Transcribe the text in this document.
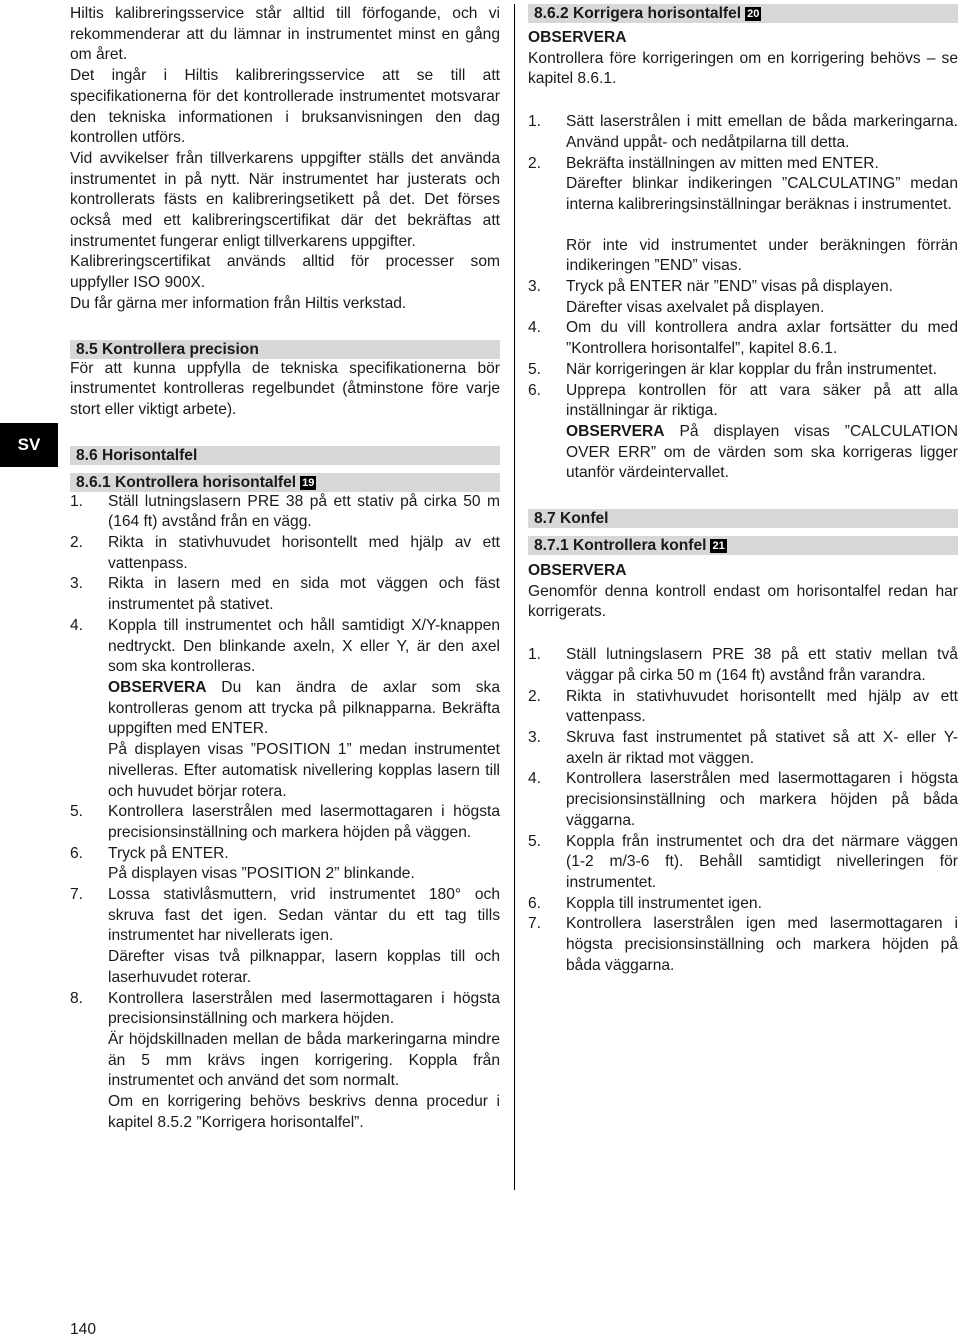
SV

Hiltis kalibreringsservice står alltid till förfogande, och vi rekommenderar att du lämnar in instrumentet minst en gång om året.

Det ingår i Hiltis kalibreringsservice att se till att specifikationerna för det kontrollerade instrumentet motsvarar den tekniska informationen i bruksanvisningen den dag kontrollen utförs.

Vid avvikelser från tillverkarens uppgifter ställs det använda instrumentet in på nytt. När instrumentet har justerats och kontrollerats fästs en kalibreringsetikett på det. Det förses också med ett kalibreringscertifikat där det bekräftas att instrumentet fungerar enligt tillverkarens uppgifter.

Kalibreringscertifikat används alltid för processer som uppfyller ISO 900X.

Du får gärna mer information från Hiltis verkstad.

8.5 Kontrollera precision

För att kunna uppfylla de tekniska specifikationerna bör instrumentet kontrolleras regelbundet (åtminstone före varje stort eller viktigt arbete).

8.6 Horisontalfel
8.6.1 Kontrollera horisontalfel 19
1.	Ställ lutningslasern PRE 38 på ett stativ på cirka 50 m (164 ft) avstånd från en vägg.

2.	Rikta in stativhuvudet horisontellt med hjälp av ett vattenpass.

3.	Rikta in lasern med en sida mot väggen och fäst instrumentet på stativet.

4.	Koppla till instrumentet och håll samtidigt X/Y-knappen nedtryckt. Den blinkande axeln, X eller Y, är den axel som ska kontrolleras.

OBSERVERA Du kan ändra de axlar som ska kontrolleras genom att trycka på pilknapparna. Bekräfta uppgiften med ENTER.

På displayen visas ”POSITION 1” medan instrumentet nivelleras. Efter automatisk nivellering kopplas lasern till och huvudet börjar rotera.

5.	Kontrollera laserstrålen med lasermottagaren i högsta precisionsinställning och markera höjden på väggen.

6.	Tryck på ENTER.

På displayen visas ”POSITION 2” blinkande.

7.	Lossa stativlåsmuttern, vrid instrumentet 180° och skruva fast det igen. Sedan väntar du ett tag tills instrumentet har nivellerats igen.

Därefter visas två pilknappar, lasern kopplas till och laserhuvudet roterar.

8.	Kontrollera laserstrålen med lasermottagaren i högsta precisionsinställning och markera höjden.

Är höjdskillnaden mellan de båda markeringarna mindre än 5 mm krävs ingen korrigering. Koppla från instrumentet och använd det som normalt.

Om en korrigering behövs beskrivs denna procedur i kapitel 8.5.2 ”Korrigera horisontalfel”.

8.6.2 Korrigera horisontalfel 20
OBSERVERA

Kontrollera före korrigeringen om en korrigering behövs – se kapitel 8.6.1.

1.	Sätt laserstrålen i mitt emellan de båda markeringarna. Använd uppåt- och nedåtpilarna till detta.

2.	Bekräfta inställningen av mitten med ENTER.

Därefter blinkar indikeringen ”CALCULATING” medan interna kalibreringsinställningar beräknas i instrumentet.

Rör inte vid instrumentet under beräkningen förrän indikeringen ”END” visas.

3.	Tryck på ENTER när ”END” visas på displayen.

Därefter visas axelvalet på displayen.

4.	Om du vill kontrollera andra axlar fortsätter du med ”Kontrollera horisontalfel”, kapitel 8.6.1.

5.	När korrigeringen är klar kopplar du från instrumentet.

6.	Upprepa kontrollen för att vara säker på att alla inställningar är riktiga.

OBSERVERA På displayen visas ”CALCULATION OVER ERR” om de värden som ska korrigeras ligger utanför värdeintervallet.

8.7 Konfel
8.7.1 Kontrollera konfel 21
OBSERVERA

Genomför denna kontroll endast om horisontalfel redan har korrigerats.

1.	Ställ lutningslasern PRE 38 på ett stativ mellan två väggar på cirka 50 m (164 ft) avstånd från varandra.

2.	Rikta in stativhuvudet horisontellt med hjälp av ett vattenpass.

3.	Skruva fast instrumentet på stativet så att X- eller Y-axeln är riktad mot väggen.

4.	Kontrollera laserstrålen med lasermottagaren i högsta precisionsinställning och markera höjden på båda väggarna.

5.	Koppla från instrumentet och dra det närmare väggen (1-2 m/3-6 ft). Behåll samtidigt nivelleringen för instrumentet.

6.	Koppla till instrumentet igen.

7.	Kontrollera laserstrålen igen med lasermottagaren i högsta precisionsinställning och markera höjden på båda väggarna.

140
